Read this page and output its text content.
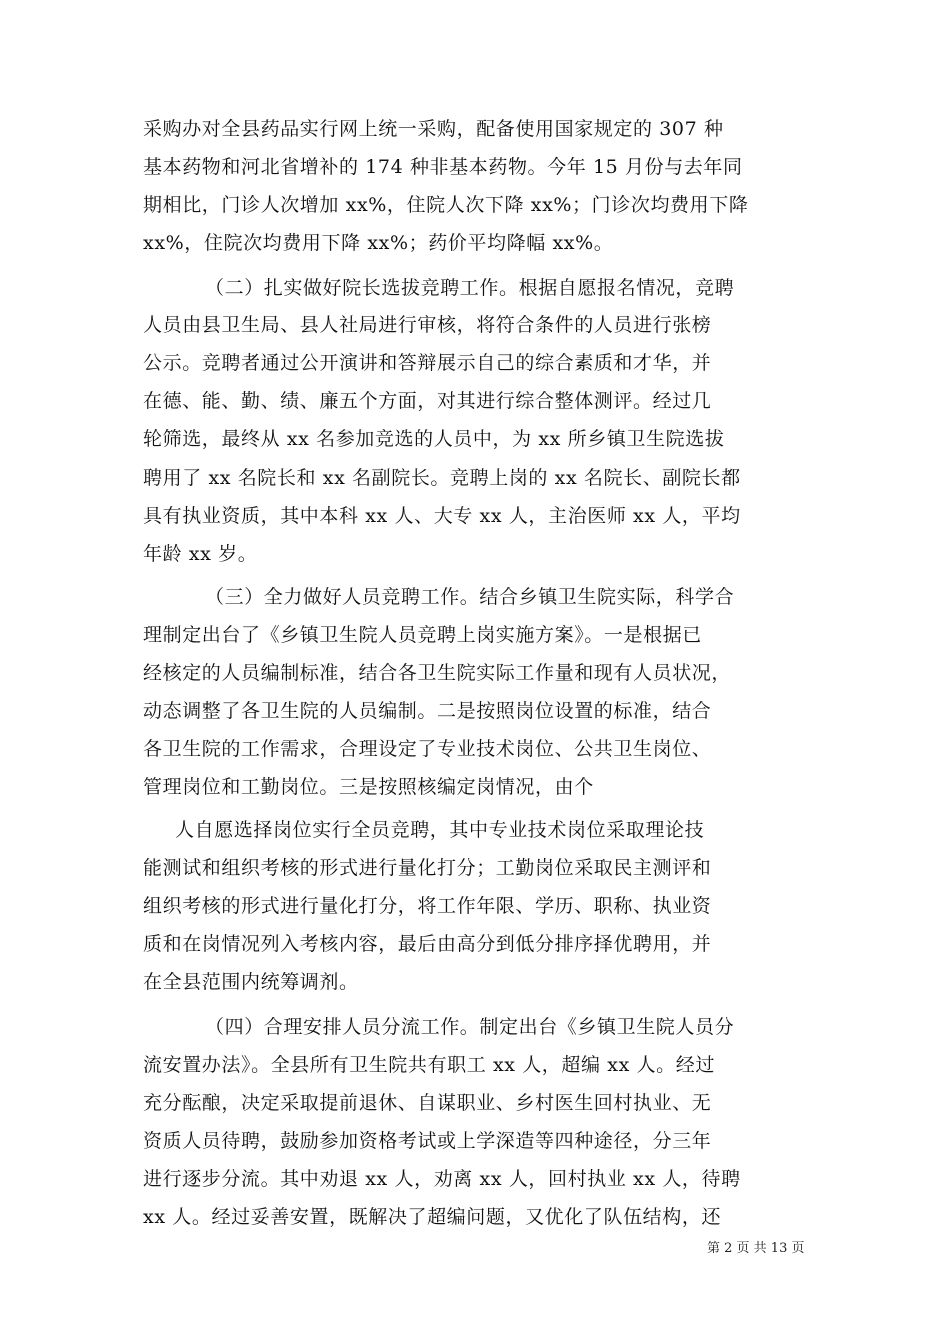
采购办对全县药品实行网上统一采购，配备使用国家规定的 307 种
基本药物和河北省增补的 174 种非基本药物。今年 15 月份与去年同
期相比，门诊人次增加 xx%，住院人次下降 xx%；门诊次均费用下降
xx%，住院次均费用下降 xx%；药价平均降幅 xx%。
（二）扎实做好院长选拔竞聘工作。根据自愿报名情况，竞聘
人员由县卫生局、县人社局进行审核，将符合条件的人员进行张榜
公示。竞聘者通过公开演讲和答辩展示自己的综合素质和才华，并
在德、能、勤、绩、廉五个方面，对其进行综合整体测评。经过几
轮筛选，最终从 xx 名参加竞选的人员中，为 xx 所乡镇卫生院选拔
聘用了 xx 名院长和 xx 名副院长。竞聘上岗的 xx 名院长、副院长都
具有执业资质，其中本科 xx 人、大专 xx 人，主治医师 xx 人，平均
年龄 xx 岁。
（三）全力做好人员竞聘工作。结合乡镇卫生院实际，科学合
理制定出台了《乡镇卫生院人员竞聘上岗实施方案》。一是根据已
经核定的人员编制标准，结合各卫生院实际工作量和现有人员状况，
动态调整了各卫生院的人员编制。二是按照岗位设置的标准，结合
各卫生院的工作需求，合理设定了专业技术岗位、公共卫生岗位、
管理岗位和工勤岗位。三是按照核编定岗情况，由个
人自愿选择岗位实行全员竞聘，其中专业技术岗位采取理论技
能测试和组织考核的形式进行量化打分；工勤岗位采取民主测评和
组织考核的形式进行量化打分，将工作年限、学历、职称、执业资
质和在岗情况列入考核内容，最后由高分到低分排序择优聘用，并
在全县范围内统筹调剂。
（四）合理安排人员分流工作。制定出台《乡镇卫生院人员分
流安置办法》。全县所有卫生院共有职工 xx 人，超编 xx 人。经过
充分酝酿，决定采取提前退休、自谋职业、乡村医生回村执业、无
资质人员待聘，鼓励参加资格考试或上学深造等四种途径，分三年
进行逐步分流。其中劝退 xx 人，劝离 xx 人，回村执业 xx 人，待聘
xx 人。经过妥善安置，既解决了超编问题，又优化了队伍结构，还
第 2 页 共 13 页
